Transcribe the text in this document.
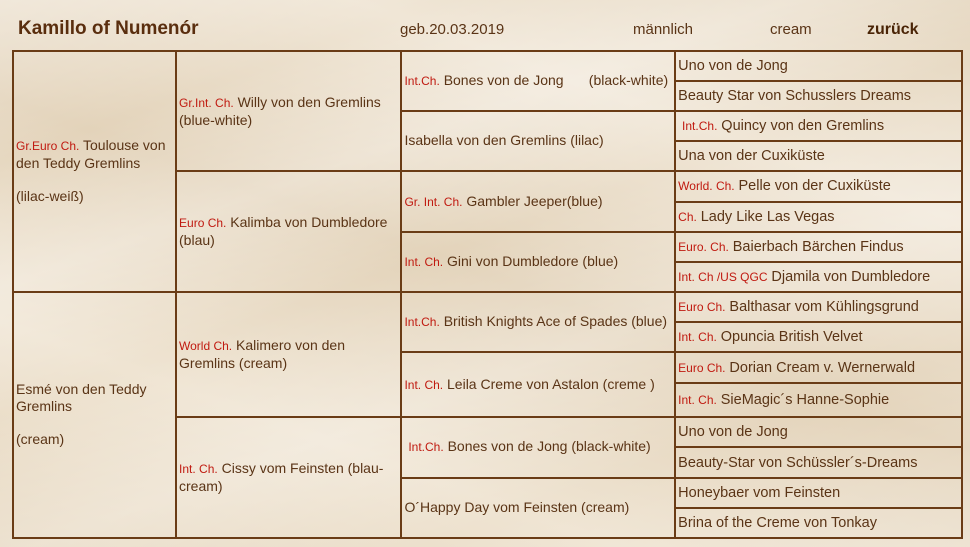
Kamillo of Numenór	geb.20.03.2019	männlich	cream	zurück
Gr.Euro Ch. Toulouse von den Teddy Gremlins
(lilac-weiß)	Gr.Int. Ch. Willy von den Gremlins (blue-white)	Int.Ch. Bones von de Jong (black-white)	Uno von de Jong
			Beauty Star von Schusslers Dreams
		Isabella von den Gremlins (lilac)	Int.Ch. Quincy von den Gremlins
			Una von der Cuxiküste
	Euro Ch. Kalimba von Dumbledore (blau)	Gr. Int. Ch. Gambler Jeeper(blue)	World. Ch. Pelle von der Cuxiküste
			Ch. Lady Like Las Vegas
		Int. Ch. Gini von Dumbledore (blue)	Euro. Ch. Baierbach Bärchen Findus
			Int. Ch /US QGC Djamila von Dumbledore
Esmé von den Teddy Gremlins
(cream)	World Ch. Kalimero von den Gremlins (cream)	Int.Ch. British Knights Ace of Spades (blue)	Euro Ch. Balthasar vom Kühlingsgrund
			Int. Ch. Opuncia British Velvet
		Int. Ch. Leila Creme von Astalon (creme )	Euro Ch. Dorian Cream v. Wernerwald
			Int. Ch. SieMagic´s Hanne-Sophie
	Int. Ch. Cissy vom Feinsten (blau-cream)	Int.Ch. Bones von de Jong (black-white)	Uno von de Jong
			Beauty-Star von Schüssler´s-Dreams
		O´Happy Day vom Feinsten (cream)	Honeybaer vom Feinsten
			Brina of the Creme von Tonkay
